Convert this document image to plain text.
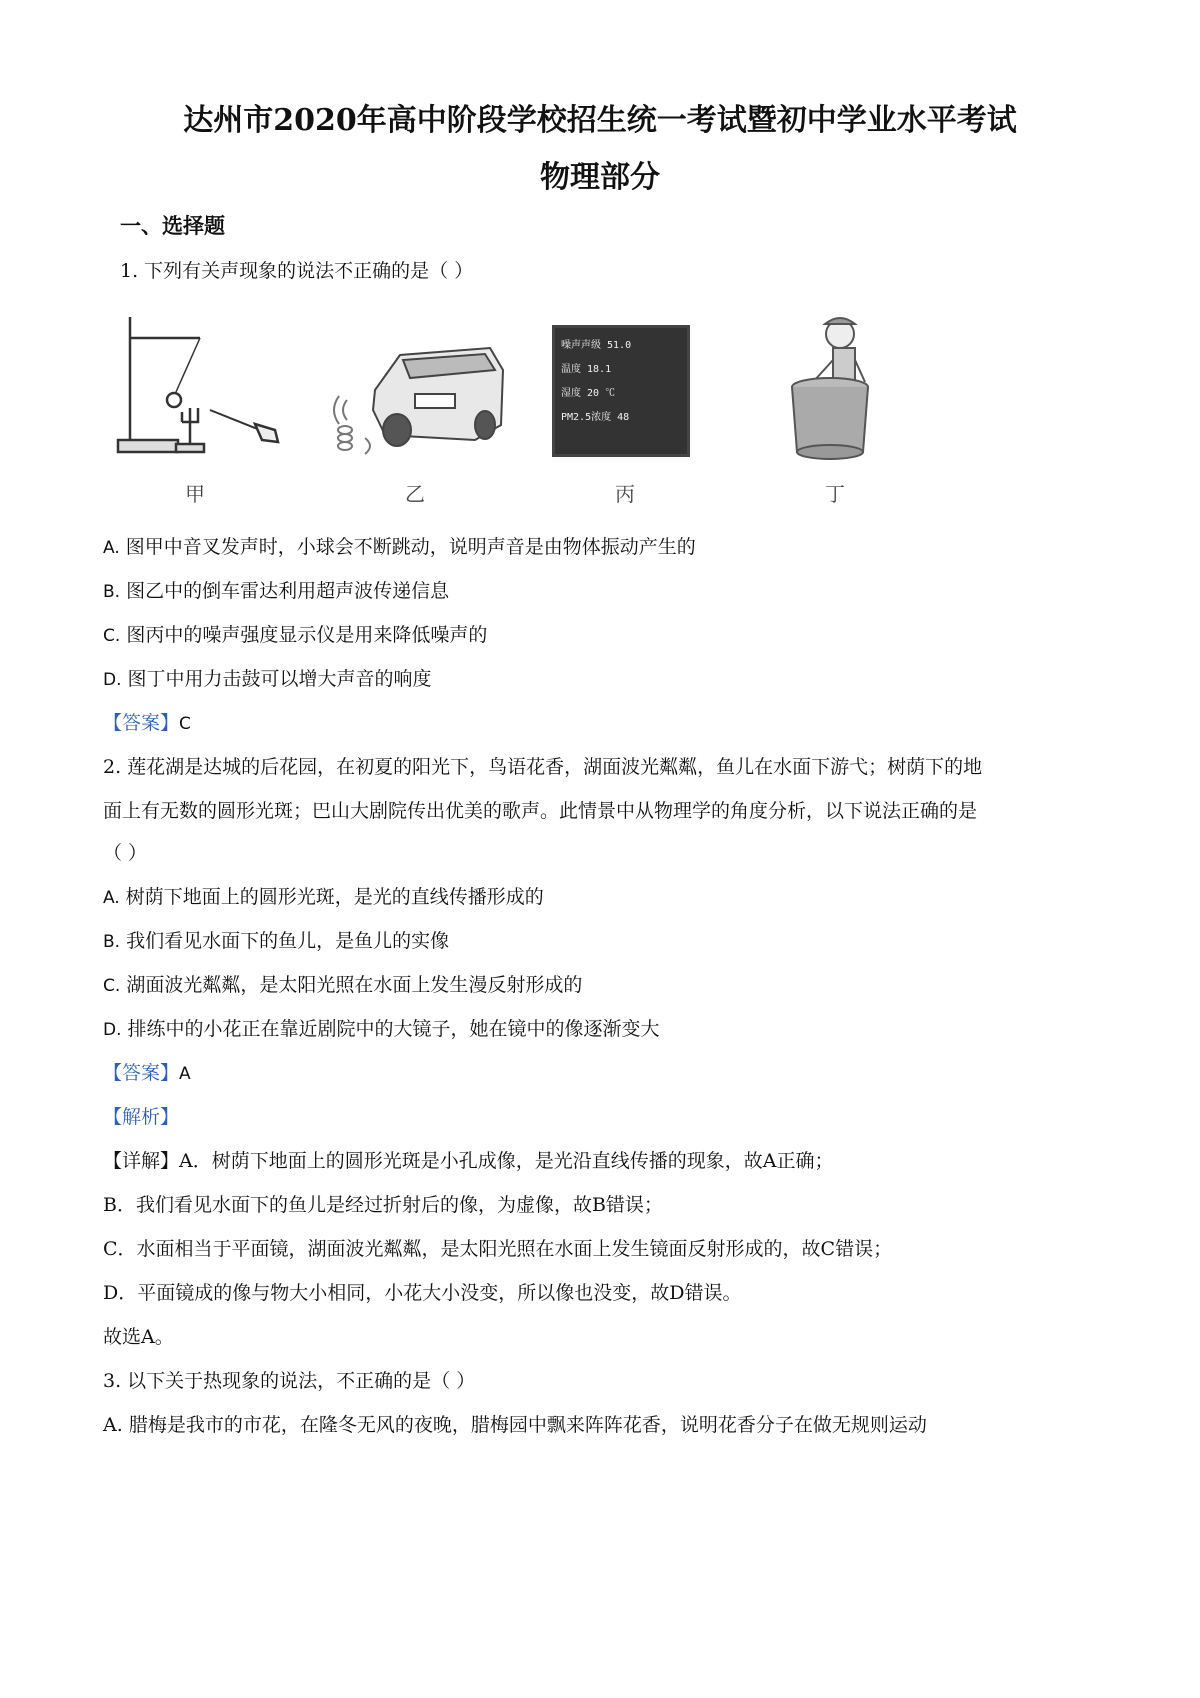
达州市2020年高中阶段学校招生统一考试暨初中学业水平考试
物理部分
一、选择题
1. 下列有关声现象的说法不正确的是（ ）
甲	乙
噪声声级 51.0
温度 18.1
湿度 20 ℃
PM2.5浓度 48
丙	丁
A. 图甲中音叉发声时，小球会不断跳动，说明声音是由物体振动产生的
B. 图乙中的倒车雷达利用超声波传递信息
C. 图丙中的噪声强度显示仪是用来降低噪声的
D. 图丁中用力击鼓可以增大声音的响度
【答案】C
2. 莲花湖是达城的后花园，在初夏的阳光下，鸟语花香，湖面波光粼粼，鱼儿在水面下游弋；树荫下的地
面上有无数的圆形光斑；巴山大剧院传出优美的歌声。此情景中从物理学的角度分析，以下说法正确的是
（ ）
A. 树荫下地面上的圆形光斑，是光的直线传播形成的
B. 我们看见水面下的鱼儿，是鱼儿的实像
C. 湖面波光粼粼，是太阳光照在水面上发生漫反射形成的
D. 排练中的小花正在靠近剧院中的大镜子，她在镜中的像逐渐变大
【答案】A
【解析】
【详解】A．树荫下地面上的圆形光斑是小孔成像，是光沿直线传播的现象，故A正确；
B．我们看见水面下的鱼儿是经过折射后的像，为虚像，故B错误；
C．水面相当于平面镜，湖面波光粼粼，是太阳光照在水面上发生镜面反射形成的，故C错误；
D．平面镜成的像与物大小相同，小花大小没变，所以像也没变，故D错误。
故选A。
3. 以下关于热现象的说法，不正确的是（ ）
A. 腊梅是我市的市花，在隆冬无风的夜晚，腊梅园中飘来阵阵花香，说明花香分子在做无规则运动
